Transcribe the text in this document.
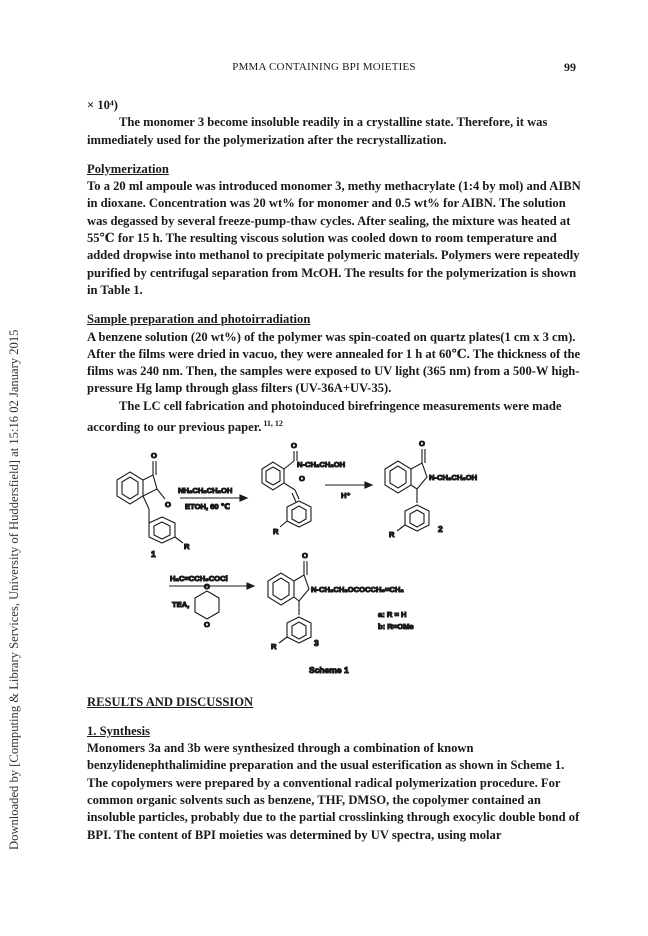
Downloaded by [Computing & Library Services, University of Huddersfield] at 15:16 02 January 2015
PMMA CONTAINING BPI MOIETIES	99

× 10⁴)

The monomer 3 become insoluble readily in a crystalline state. Therefore, it was immediately used for the polymerization after the recrystallization.

Polymerization

To a 20 ml ampoule was introduced monomer 3, methy methacrylate (1:4 by mol) and AIBN in dioxane. Concentration was 20 wt% for monomer and 0.5 wt% for AIBN. The solution was degassed by several freeze-pump-thaw cycles. After sealing, the mixture was heated at 55℃ for 15 h. The resulting viscous solution was cooled down to room temperature and added dropwise into methanol to precipitate polymeric materials. Polymers were repeatedly purified by centrifugal separation from McOH. The results for the polymerization is shown in Table 1.

Sample preparation and photoirradiation

A benzene solution (20 wt%) of the polymer was spin-coated on quartz plates(1 cm x 3 cm). After the films were dried in vacuo, they were annealed for 1 h at 60℃. The thickness of the films was 240 nm. Then, the samples were exposed to UV light (365 nm) from a 500-W high-pressure Hg lamp through glass filters (UV-36A+UV-35).

The LC cell fabrication and photoinduced birefringence measurements were made according to our previous paper. $^{11, 12}$

O
O
R
1
NH₂CH₂CH₂OH
ETOH, 60 ℃
O
N-CH₂CH₂OH
O
R
H⁺
O
N-CH₂CH₂OH
R
2
H₂C=CCH₃COCl
TEA,
O
O
O
N-CH₂CH₂OCOCCH₃=CH₂
R	3
a: R = H
b: R=OMe
Scheme 1

RESULTS AND DISCUSSION

1. Synthesis

Monomers 3a and 3b were synthesized through a combination of known benzylidenephthalimidine preparation and the usual esterification as shown in Scheme 1. The copolymers were prepared by a conventional radical polymerization procedure. For common organic solvents such as benzene, THF, DMSO, the copolymer contained an insoluble particles, probably due to the partial crosslinking through exocylic double bond of BPI. The content of BPI moieties was determined by UV spectra, using molar
